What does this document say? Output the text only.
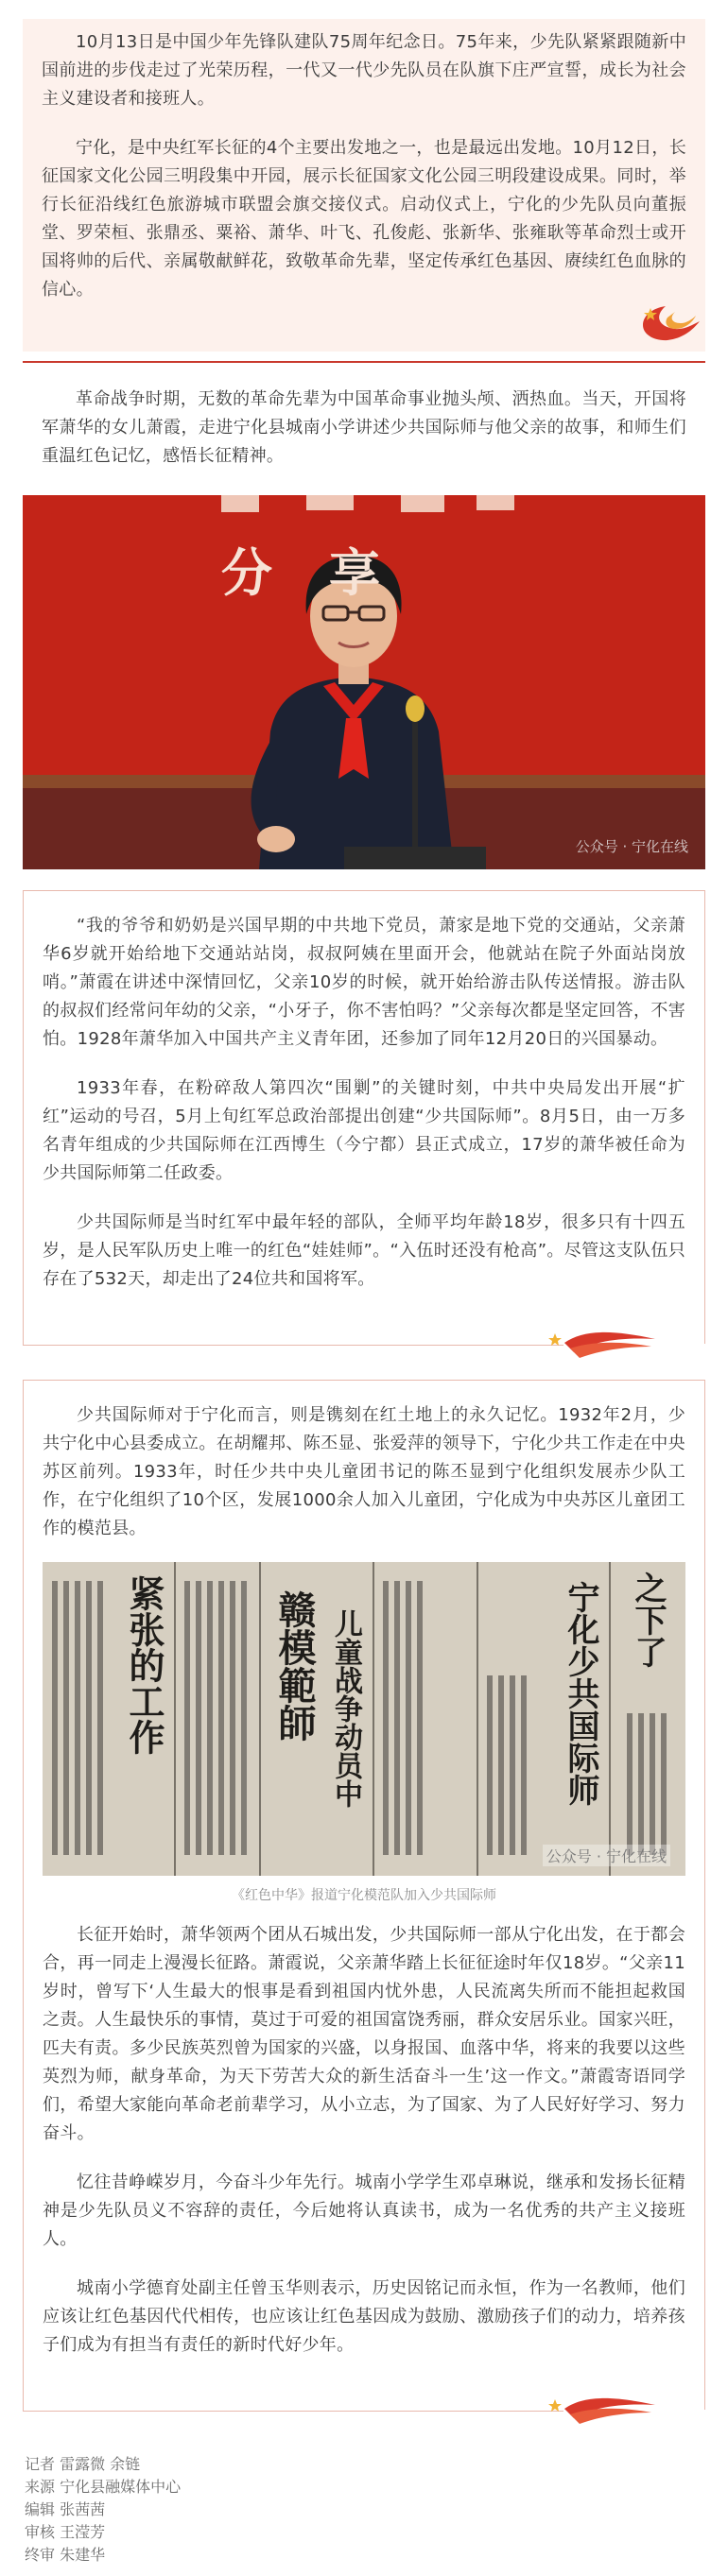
10月13日是中国少年先锋队建队75周年纪念日。75年来，少先队紧紧跟随新中国前进的步伐走过了光荣历程，一代又一代少先队员在队旗下庄严宣誓，成长为社会主义建设者和接班人。

宁化，是中央红军长征的4个主要出发地之一，也是最远出发地。10月12日，长征国家文化公园三明段集中开园，展示长征国家文化公园三明段建设成果。同时，举行长征沿线红色旅游城市联盟会旗交接仪式。启动仪式上，宁化的少先队员向董振堂、罗荣桓、张鼎丞、粟裕、萧华、叶飞、孔俊彪、张新华、张雍耿等革命烈士或开国将帅的后代、亲属敬献鲜花，致敬革命先辈，坚定传承红色基因、赓续红色血脉的信心。

革命战争时期，无数的革命先辈为中国革命事业抛头颅、洒热血。当天，开国将军萧华的女儿萧霞，走进宁化县城南小学讲述少共国际师与他父亲的故事，和师生们重温红色记忆，感悟长征精神。

分享
公众号 · 宁化在线

“我的爷爷和奶奶是兴国早期的中共地下党员，萧家是地下党的交通站，父亲萧华6岁就开始给地下交通站站岗，叔叔阿姨在里面开会，他就站在院子外面站岗放哨。”萧霞在讲述中深情回忆，父亲10岁的时候，就开始给游击队传送情报。游击队的叔叔们经常问年幼的父亲，“小牙子，你不害怕吗？”父亲每次都是坚定回答，不害怕。1928年萧华加入中国共产主义青年团，还参加了同年12月20日的兴国暴动。

1933年春，在粉碎敌人第四次“围剿”的关键时刻，中共中央局发出开展“扩红”运动的号召，5月上旬红军总政治部提出创建“少共国际师”。8月5日，由一万多名青年组成的少共国际师在江西博生（今宁都）县正式成立，17岁的萧华被任命为少共国际师第二任政委。

少共国际师是当时红军中最年轻的部队，全师平均年龄18岁，很多只有十四五岁，是人民军队历史上唯一的红色“娃娃师”。“入伍时还没有枪高”。尽管这支队伍只存在了532天，却走出了24位共和国将军。

少共国际师对于宁化而言，则是镌刻在红土地上的永久记忆。1932年2月，少共宁化中心县委成立。在胡耀邦、陈丕显、张爱萍的领导下，宁化少共工作走在中央苏区前列。1933年，时任少共中央儿童团书记的陈丕显到宁化组织发展赤少队工作，在宁化组织了10个区，发展1000余人加入儿童团，宁化成为中央苏区儿童团工作的模范县。

紧张的工作	赣模範師 儿童战争动员中	宁化少共国际师 之下了
公众号 · 宁化在线
《红色中华》报道宁化模范队加入少共国际师

长征开始时，萧华领两个团从石城出发，少共国际师一部从宁化出发，在于都会合，再一同走上漫漫长征路。萧霞说，父亲萧华踏上长征征途时年仅18岁。“父亲11岁时，曾写下‘人生最大的恨事是看到祖国内忧外患，人民流离失所而不能担起救国之责。人生最快乐的事情，莫过于可爱的祖国富饶秀丽，群众安居乐业。国家兴旺，匹夫有责。多少民族英烈曾为国家的兴盛，以身报国、血落中华，将来的我要以这些英烈为师，献身革命，为天下劳苦大众的新生活奋斗一生’这一作文。”萧霞寄语同学们，希望大家能向革命老前辈学习，从小立志，为了国家、为了人民好好学习、努力奋斗。

忆往昔峥嵘岁月，今奋斗少年先行。城南小学学生邓卓琳说，继承和发扬长征精神是少先队员义不容辞的责任，今后她将认真读书，成为一名优秀的共产主义接班人。

城南小学德育处副主任曾玉华则表示，历史因铭记而永恒，作为一名教师，他们应该让红色基因代代相传，也应该让红色基因成为鼓励、激励孩子们的动力，培养孩子们成为有担当有责任的新时代好少年。

记者 雷露微 余链
来源 宁化县融媒体中心
编辑 张茜茜
审核 王滢芳
终审 朱建华
